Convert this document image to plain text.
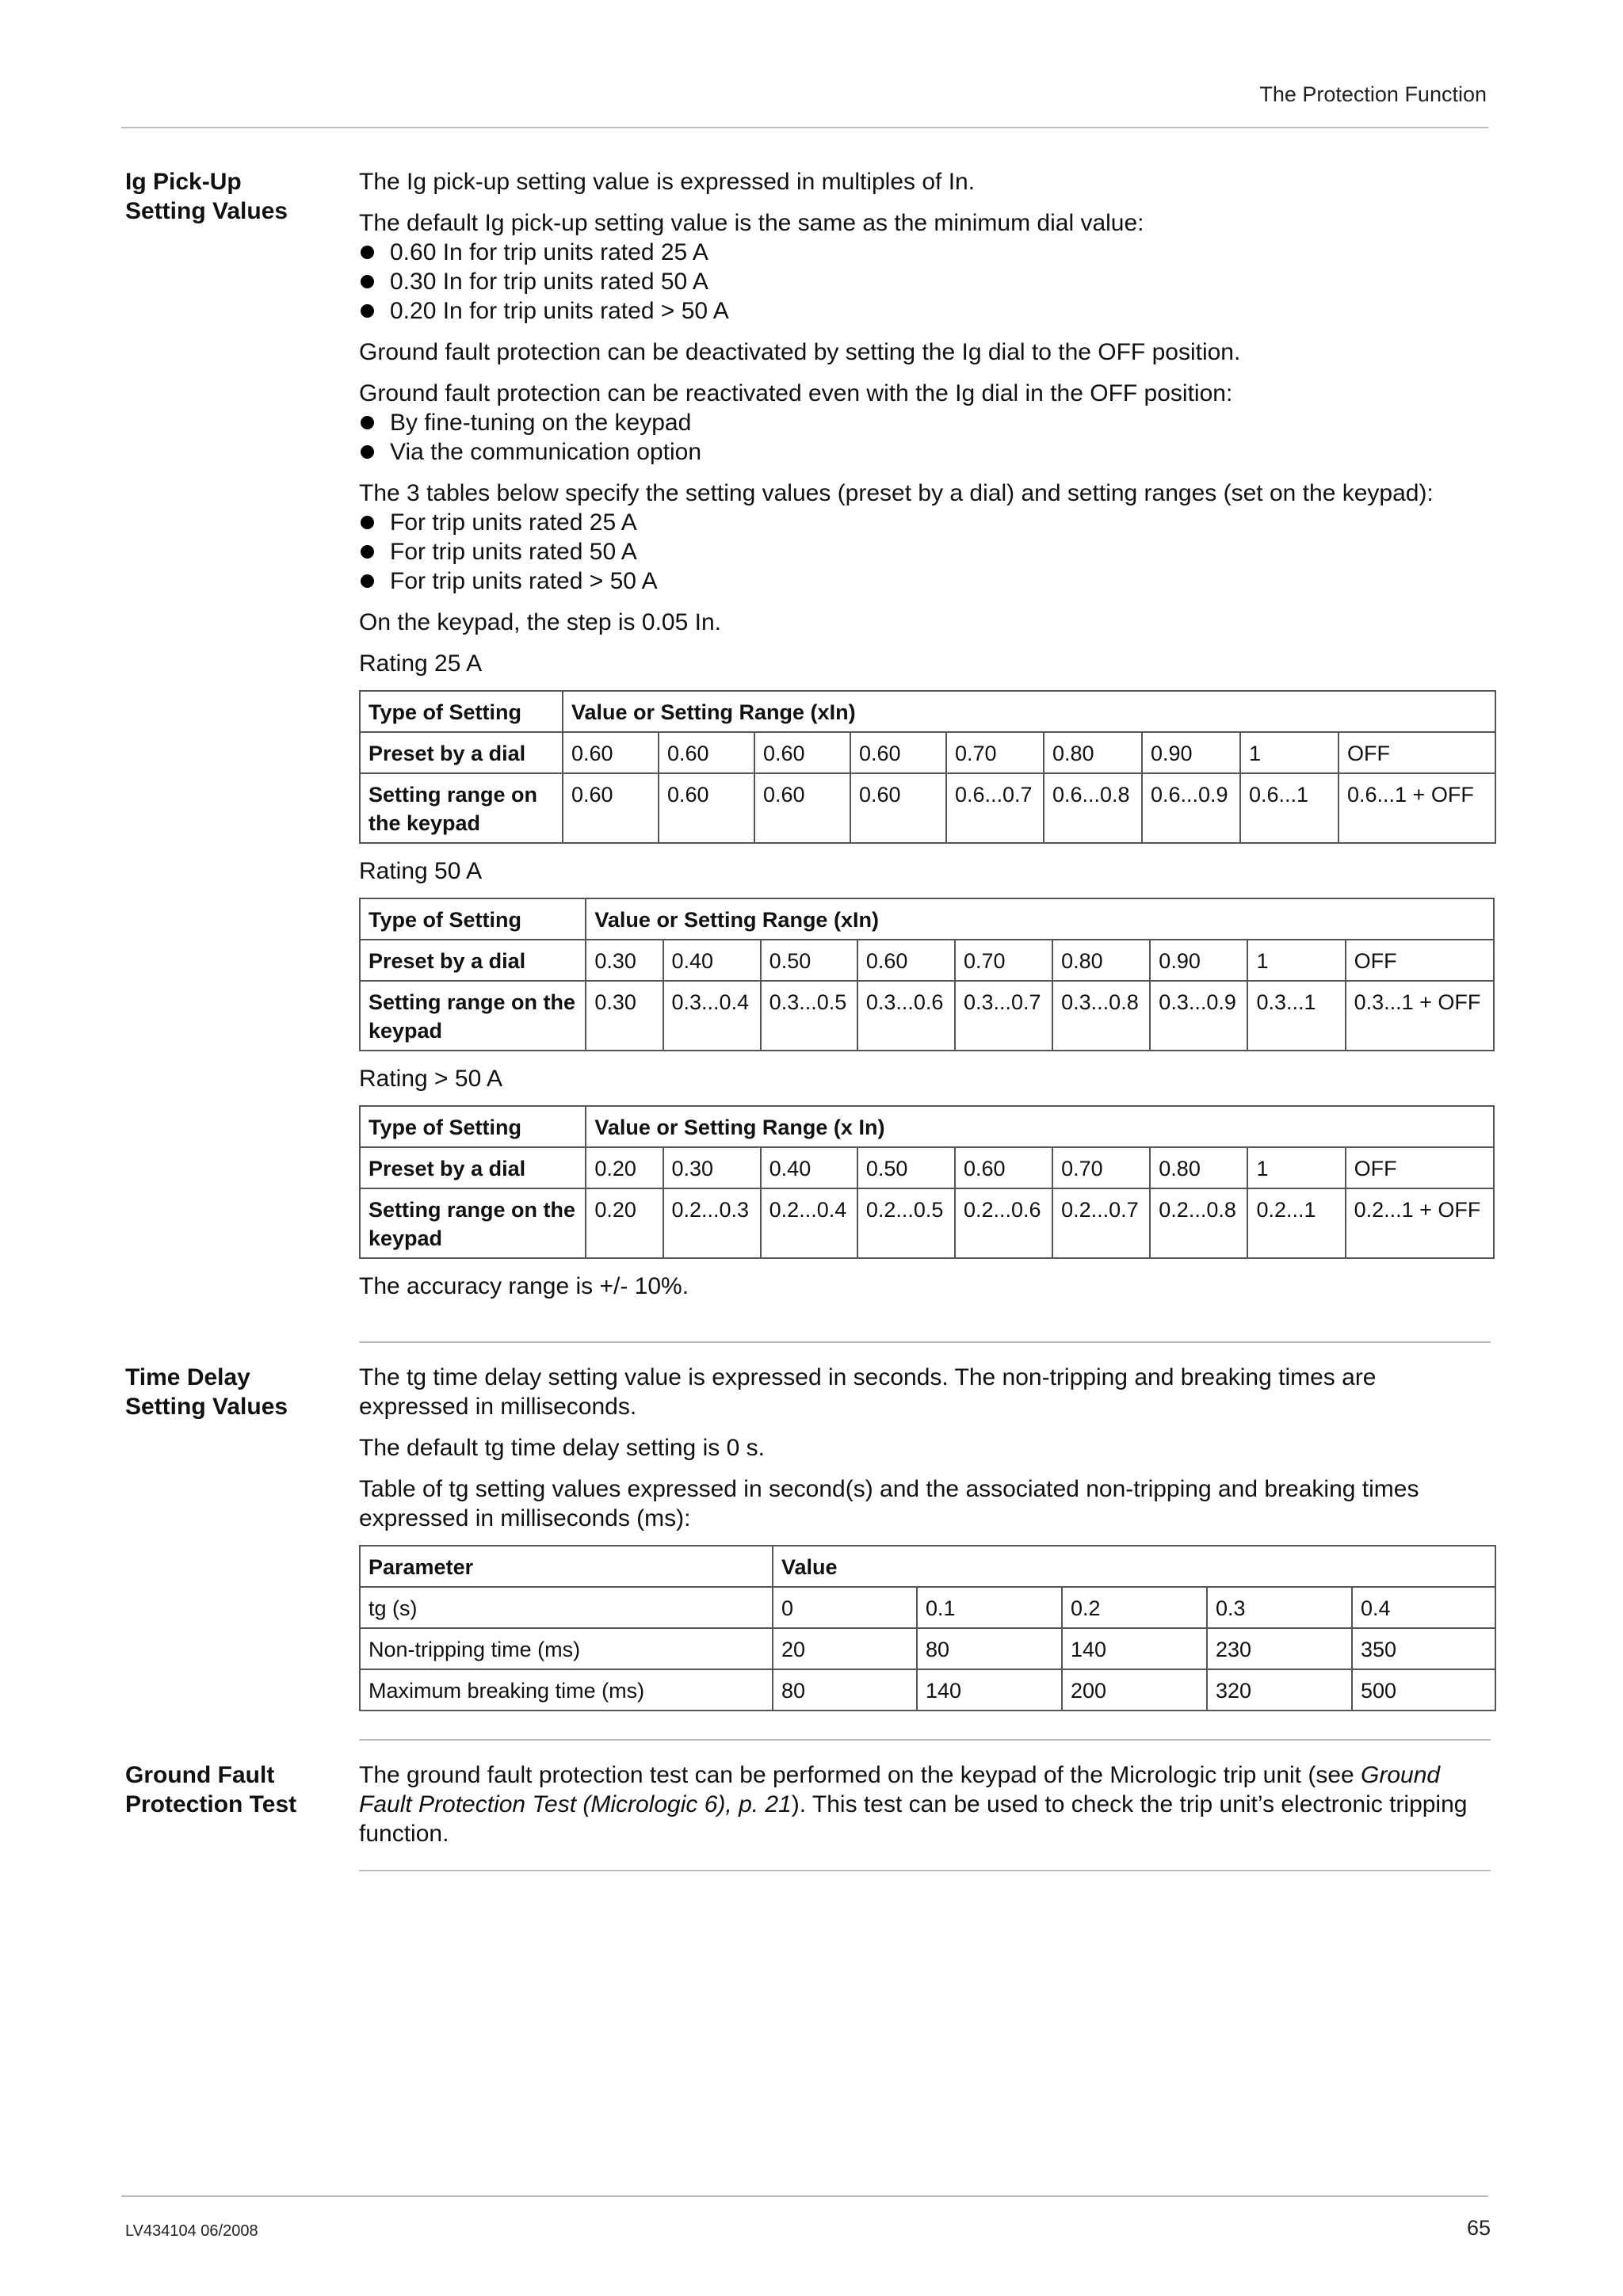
The Protection Function
Ig Pick-Up
Setting Values

The Ig pick-up setting value is expressed in multiples of In.

The default Ig pick-up setting value is the same as the minimum dial value:

0.60 In for trip units rated 25 A
0.30 In for trip units rated 50 A
0.20 In for trip units rated > 50 A

Ground fault protection can be deactivated by setting the Ig dial to the OFF position.

Ground fault protection can be reactivated even with the Ig dial in the OFF position:

By fine-tuning on the keypad
Via the communication option

The 3 tables below specify the setting values (preset by a dial) and setting ranges (set on the keypad):

For trip units rated 25 A
For trip units rated 50 A
For trip units rated > 50 A

On the keypad, the step is 0.05 In.

Rating 25 A

Type of Setting	Value or Setting Range (xIn)								
Preset by a dial	0.60	0.60	0.60	0.60	0.70	0.80	0.90	1	OFF
Setting range on the keypad	0.60	0.60	0.60	0.60	0.6...0.7	0.6...0.8	0.6...0.9	0.6...1	0.6...1 + OFF

Rating 50 A

Type of Setting	Value or Setting Range (xIn)								
Preset by a dial	0.30	0.40	0.50	0.60	0.70	0.80	0.90	1	OFF
Setting range on the keypad	0.30	0.3...0.4	0.3...0.5	0.3...0.6	0.3...0.7	0.3...0.8	0.3...0.9	0.3...1	0.3...1 + OFF

Rating > 50 A

Type of Setting	Value or Setting Range (x In)								
Preset by a dial	0.20	0.30	0.40	0.50	0.60	0.70	0.80	1	OFF
Setting range on the keypad	0.20	0.2...0.3	0.2...0.4	0.2...0.5	0.2...0.6	0.2...0.7	0.2...0.8	0.2...1	0.2...1 + OFF

The accuracy range is +/- 10%.

Time Delay
Setting Values

The tg time delay setting value is expressed in seconds. The non-tripping and breaking times are expressed in milliseconds.

The default tg time delay setting is 0 s.

Table of tg setting values expressed in second(s) and the associated non-tripping and breaking times expressed in milliseconds (ms):

Parameter	Value				
tg (s)	0	0.1	0.2	0.3	0.4
Non-tripping time (ms)	20	80	140	230	350
Maximum breaking time (ms)	80	140	200	320	500
Ground Fault
Protection Test

The ground fault protection test can be performed on the keypad of the Micrologic trip unit (see Ground Fault Protection Test (Micrologic 6), p. 21). This test can be used to check the trip unit’s electronic tripping function.

LV434104 06/2008	65
